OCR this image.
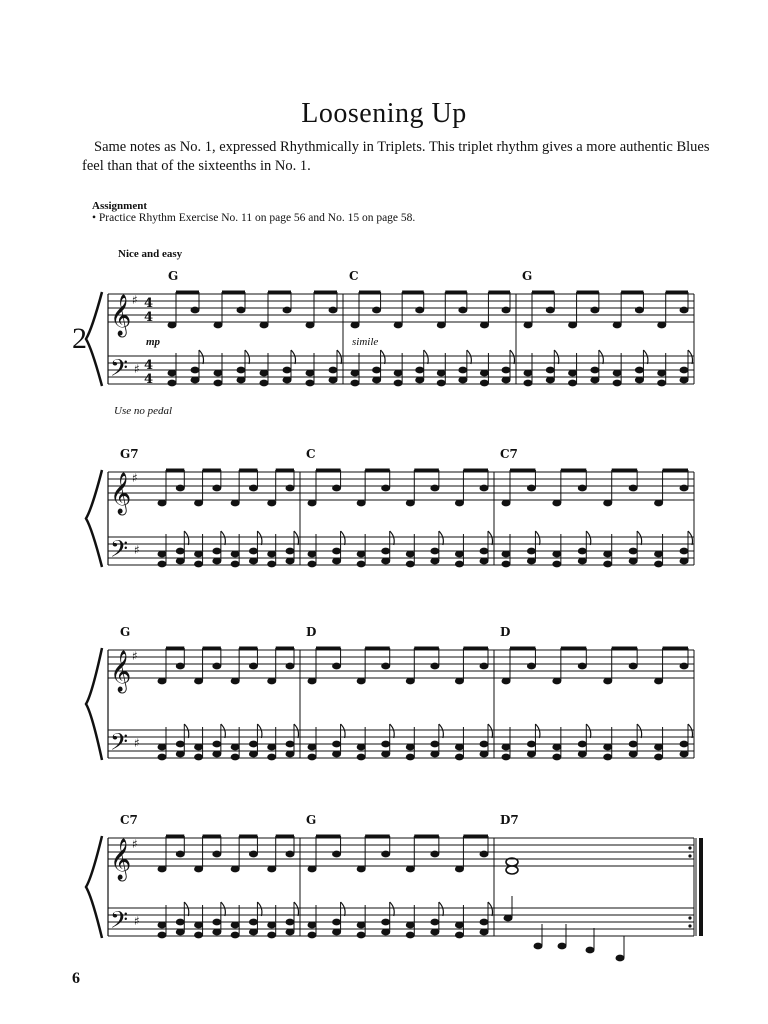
Loosening Up
Same notes as No. 1, expressed Rhythmically in Triplets. This triplet rhythm gives a more authentic Blues
feel than that of the sixteenths in No. 1.
Assignment
• Practice Rhythm Exercise No. 11 on page 56 and No. 15 on page 58.
Nice and easy
2	mp	simile
Use no pedal
6
𝄞
𝄢
♯
♯
4
4
4
4
G	C	G
𝄞
𝄢
♯
♯
G7	C	C7
𝄞
𝄢
♯
♯
G	D	D
𝄞
𝄢
♯
♯
C7	G	D7
